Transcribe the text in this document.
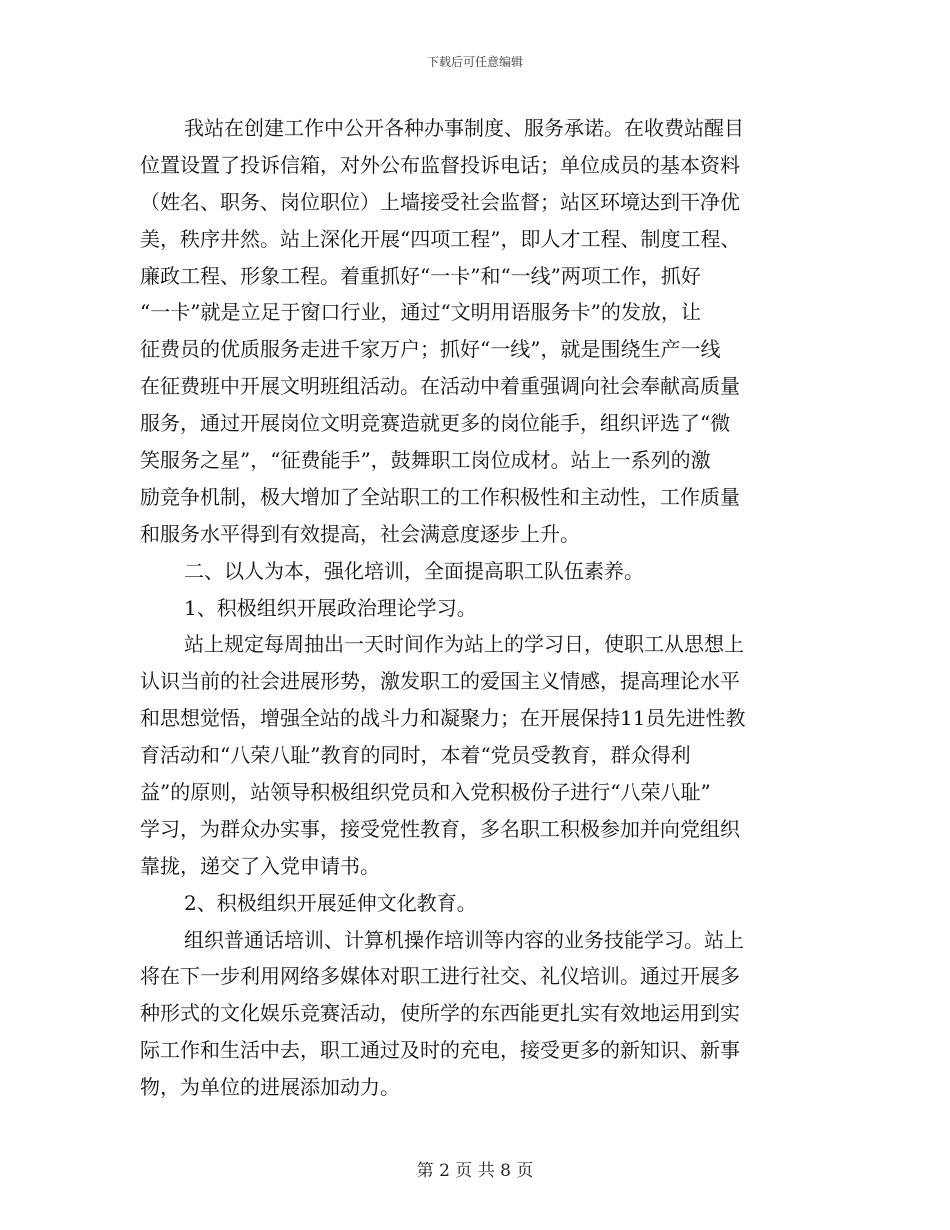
下载后可任意编辑
我站在创建工作中公开各种办事制度、服务承诺。在收费站醒目
位置设置了投诉信箱，对外公布监督投诉电话；单位成员的基本资料
（姓名、职务、岗位职位）上墙接受社会监督；站区环境达到干净优
美，秩序井然。站上深化开展“四项工程”，即人才工程、制度工程、
廉政工程、形象工程。着重抓好“一卡”和“一线”两项工作，抓好
“一卡”就是立足于窗口行业，通过“文明用语服务卡”的发放，让
征费员的优质服务走进千家万户；抓好“一线”，就是围绕生产一线
在征费班中开展文明班组活动。在活动中着重强调向社会奉献高质量
服务，通过开展岗位文明竞赛造就更多的岗位能手，组织评选了“微
笑服务之星”，“征费能手”，鼓舞职工岗位成材。站上一系列的激
励竞争机制，极大增加了全站职工的工作积极性和主动性，工作质量
和服务水平得到有效提高，社会满意度逐步上升。
二、以人为本，强化培训，全面提高职工队伍素养。
1、积极组织开展政治理论学习。
站上规定每周抽出一天时间作为站上的学习日，使职工从思想上
认识当前的社会进展形势，激发职工的爱国主义情感，提高理论水平
和思想觉悟，增强全站的战斗力和凝聚力；在开展保持11员先进性教
育活动和“八荣八耻”教育的同时，本着“党员受教育，群众得利
益”的原则，站领导积极组织党员和入党积极份子进行“八荣八耻”
学习，为群众办实事，接受党性教育，多名职工积极参加并向党组织
靠拢，递交了入党申请书。
2、积极组织开展延伸文化教育。
组织普通话培训、计算机操作培训等内容的业务技能学习。站上
将在下一步利用网络多媒体对职工进行社交、礼仪培训。通过开展多
种形式的文化娱乐竞赛活动，使所学的东西能更扎实有效地运用到实
际工作和生活中去，职工通过及时的充电，接受更多的新知识、新事
物，为单位的进展添加动力。
第 2 页 共 8 页
